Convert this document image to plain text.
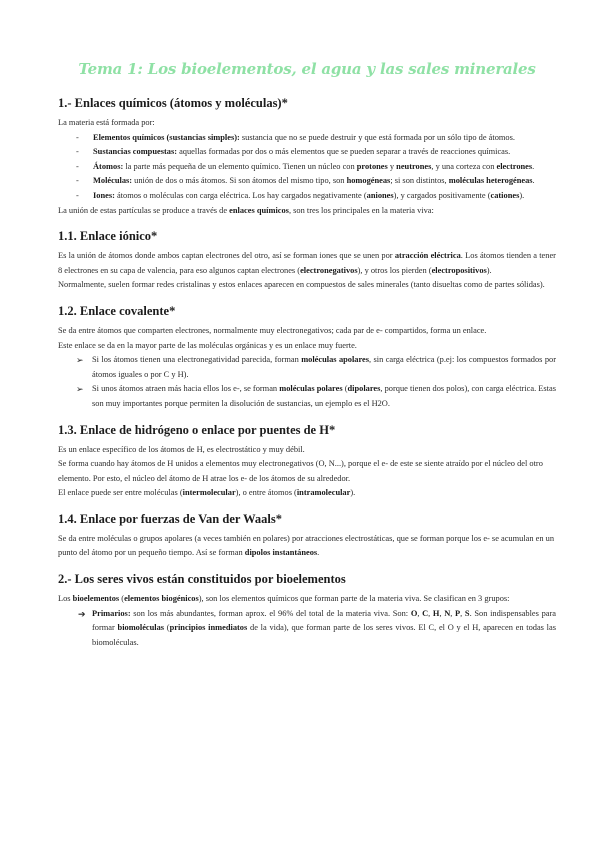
Tema 1: Los bioelementos, el agua y las sales minerales
1.- Enlaces químicos (átomos y moléculas)*

La materia está formada por:

- Elementos químicos (sustancias simples): sustancia que no se puede destruir y que está formada por un sólo tipo de átomos.
- Sustancias compuestas: aquellas formadas por dos o más elementos que se pueden separar a través de reacciones químicas.
- Átomos: la parte más pequeña de un elemento químico. Tienen un núcleo con protones y neutrones, y una corteza con electrones.
- Moléculas: unión de dos o más átomos. Si son átomos del mismo tipo, son homogéneas; si son distintos, moléculas heterogéneas.
- Iones: átomos o moléculas con carga eléctrica. Los hay cargados negativamente (aniones), y cargados positivamente (cationes).

La unión de estas partículas se produce a través de enlaces químicos, son tres los principales en la materia viva:

1.1. Enlace iónico*

Es la unión de átomos donde ambos captan electrones del otro, así se forman iones que se unen por atracción eléctrica. Los átomos tienden a tener 8 electrones en su capa de valencia, para eso algunos captan electrones (electronegativos), y otros los pierden (electropositivos).

Normalmente, suelen formar redes cristalinas y estos enlaces aparecen en compuestos de sales minerales (tanto disueltas como de partes sólidas).

1.2. Enlace covalente*

Se da entre átomos que comparten electrones, normalmente muy electronegativos; cada par de e- compartidos, forma un enlace.

Este enlace se da en la mayor parte de las moléculas orgánicas y es un enlace muy fuerte.

➢ Si los átomos tienen una electronegatividad parecida, forman moléculas apolares, sin carga eléctrica (p.ej: los compuestos formados por átomos iguales o por C y H).
➢ Si unos átomos atraen más hacia ellos los e-, se forman moléculas polares (dipolares, porque tienen dos polos), con carga eléctrica. Estas son muy importantes porque permiten la disolución de sustancias, un ejemplo es el H2O.
1.3. Enlace de hidrógeno o enlace por puentes de H*

Es un enlace específico de los átomos de H, es electrostático y muy débil.

Se forma cuando hay átomos de H unidos a elementos muy electronegativos (O, N...), porque el e- de este se siente atraído por el núcleo del otro elemento. Por esto, el núcleo del átomo de H atrae los e- de los átomos de su alrededor.

El enlace puede ser entre moléculas (intermolecular), o entre átomos (intramolecular).

1.4. Enlace por fuerzas de Van der Waals*

Se da entre moléculas o grupos apolares (a veces también en polares) por atracciones electrostáticas, que se forman porque los e- se acumulan en un punto del átomo por un pequeño tiempo. Así se forman dipolos instantáneos.

2.- Los seres vivos están constituidos por bioelementos

Los bioelementos (elementos biogénicos), son los elementos químicos que forman parte de la materia viva. Se clasifican en 3 grupos:

➔ Primarios: son los más abundantes, forman aprox. el 96% del total de la materia viva. Son: O, C, H, N, P, S. Son indispensables para formar biomoléculas (principios inmediatos de la vida), que forman parte de los seres vivos. El C, el O y el H, aparecen en todas las biomoléculas.
